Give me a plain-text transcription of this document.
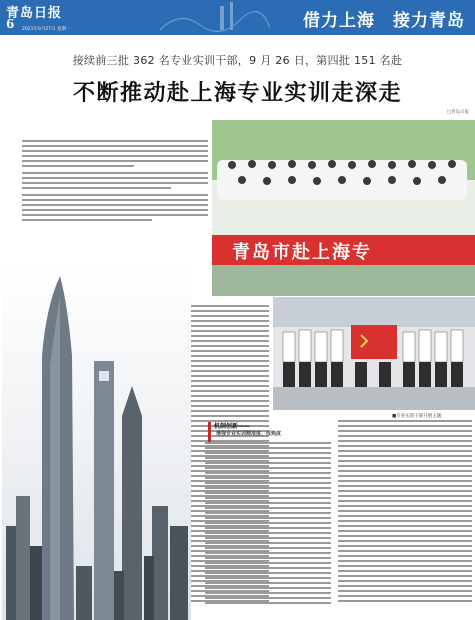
青岛日报
6 2021年9月27日 星期一	借力上海　接力青岛
接续前三批 362 名专业实训干部，9 月 26 日，第四批 151 名赴
不断推动赴上海专业实训走深走
□青岛日报
青岛市赴上海专
■专业实训干部开展主题
机制创新——
增强专业实训精准度、成熟度
